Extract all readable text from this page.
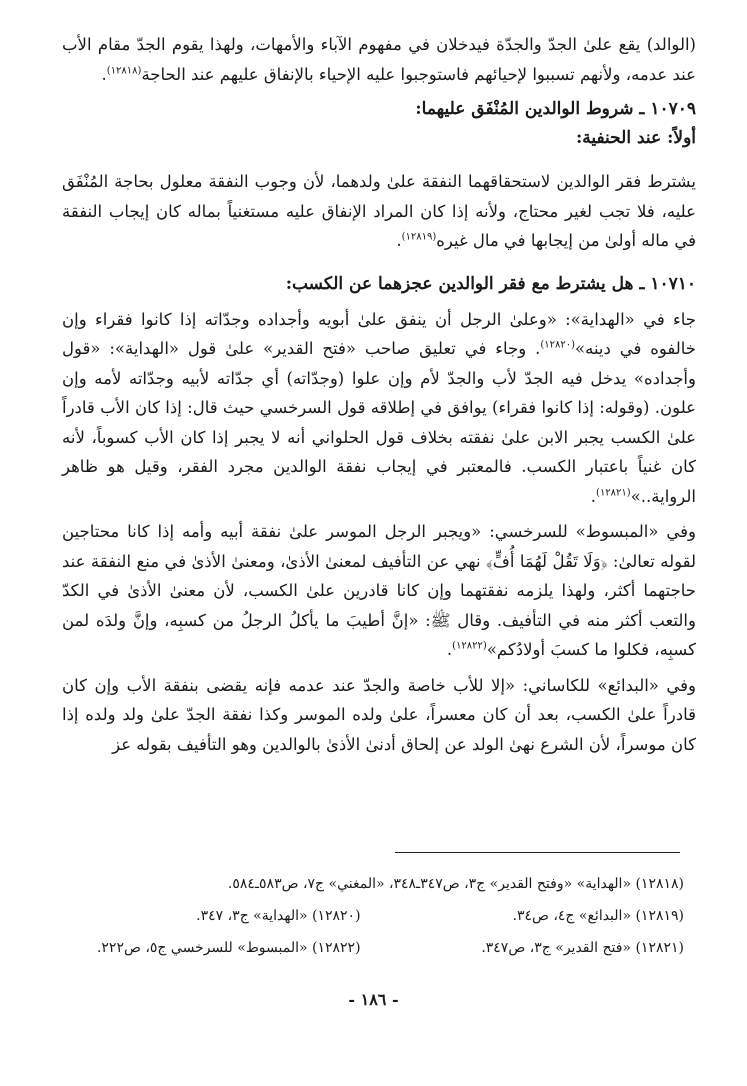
(الوالد) يقع علىٰ الجدّ والجدّة فيدخلان في مفهوم الآباء والأمهات، ولهذا يقوم الجدّ مقام الأب عند عدمه، ولأنهم تسببوا لإحيائهم فاستوجبوا عليه الإحياء بالإنفاق عليهم عند الحاجة$^{(١٢٨١٨)}$.

١٠٧٠٩ ـ شروط الوالدين المُنْفَق عليهما:

أولاً: عند الحنفية:

يشترط فقر الوالدين لاستحقاقهما النفقة علىٰ ولدهما، لأن وجوب النفقة معلول بحاجة المُنْفَق عليه، فلا تجب لغير محتاج، ولأنه إذا كان المراد الإنفاق عليه مستغنياً بماله كان إيجاب النفقة في ماله أولىٰ من إيجابها في مال غيره$^{(١٢٨١٩)}$.

١٠٧١٠ ـ هل يشترط مع فقر الوالدين عجزهما عن الكسب:

جاء في «الهداية»: «وعلىٰ الرجل أن ينفق علىٰ أبويه وأجداده وجدّاته إذا كانوا فقراء وإن خالفوه في دينه»$^{(١٢٨٢٠)}$. وجاء في تعليق صاحب «فتح القدير» علىٰ قول «الهداية»: «قول وأجداده» يدخل فيه الجدّ لأب والجدّ لأم وإن علوا (وجدّاته) أي جدّاته لأبيه وجدّاته لأمه وإن علون. (وقوله: إذا كانوا فقراء) يوافق في إطلاقه قول السرخسي حيث قال: إذا كان الأب قادراً علىٰ الكسب يجبر الابن علىٰ نفقته بخلاف قول الحلواني أنه لا يجبر إذا كان الأب كسوباً، لأنه كان غنياً باعتبار الكسب. فالمعتبر في إيجاب نفقة الوالدين مجرد الفقر، وقيل هو ظاهر الرواية..»$^{(١٢٨٢١)}$.

وفي «المبسوط» للسرخسي: «ويجبر الرجل الموسر علىٰ نفقة أبيه وأمه إذا كانا محتاجين لقوله تعالىٰ: ﴿وَلَا تَقُلْ لَهُمَا أُفٍّ﴾ نهي عن التأفيف لمعنىٰ الأذىٰ، ومعنىٰ الأذىٰ في منع النفقة عند حاجتهما أكثر، ولهذا يلزمه نفقتهما وإن كانا قادرين علىٰ الكسب، لأن معنىٰ الأذىٰ في الكدّ والتعب أكثر منه في التأفيف. وقال ﷺ: «إنَّ أطيبَ ما يأكلُ الرجلُ من كسبِه، وإنَّ ولدَه لمن كسبِه، فكلوا ما كسبَ أولادُكم»$^{(١٢٨٢٢)}$.

وفي «البدائع» للكاساني: «إلا للأب خاصة والجدّ عند عدمه فإنه يقضى بنفقة الأب وإن كان قادراً علىٰ الكسب، بعد أن كان معسراً، علىٰ ولده الموسر وكذا نفقة الجدّ علىٰ ولد ولده إذا كان موسراً، لأن الشرع نهىٰ الولد عن إلحاق أدنىٰ الأذىٰ بالوالدين وهو التأفيف بقوله عز

(١٢٨١٨) «الهداية» «وفتح القدير» ج٣، ص٣٤٧ـ٣٤٨، «المغني» ج٧، ص٥٨٣ـ٥٨٤.
(١٢٨١٩) «البدائع» ج٤، ص٣٤.
(١٢٨٢٠) «الهداية» ج٣، ٣٤٧.
(١٢٨٢١) «فتح القدير» ج٣، ص٣٤٧.
(١٢٨٢٢) «المبسوط» للسرخسي ج٥، ص٢٢٢.
- ١٨٦ -
